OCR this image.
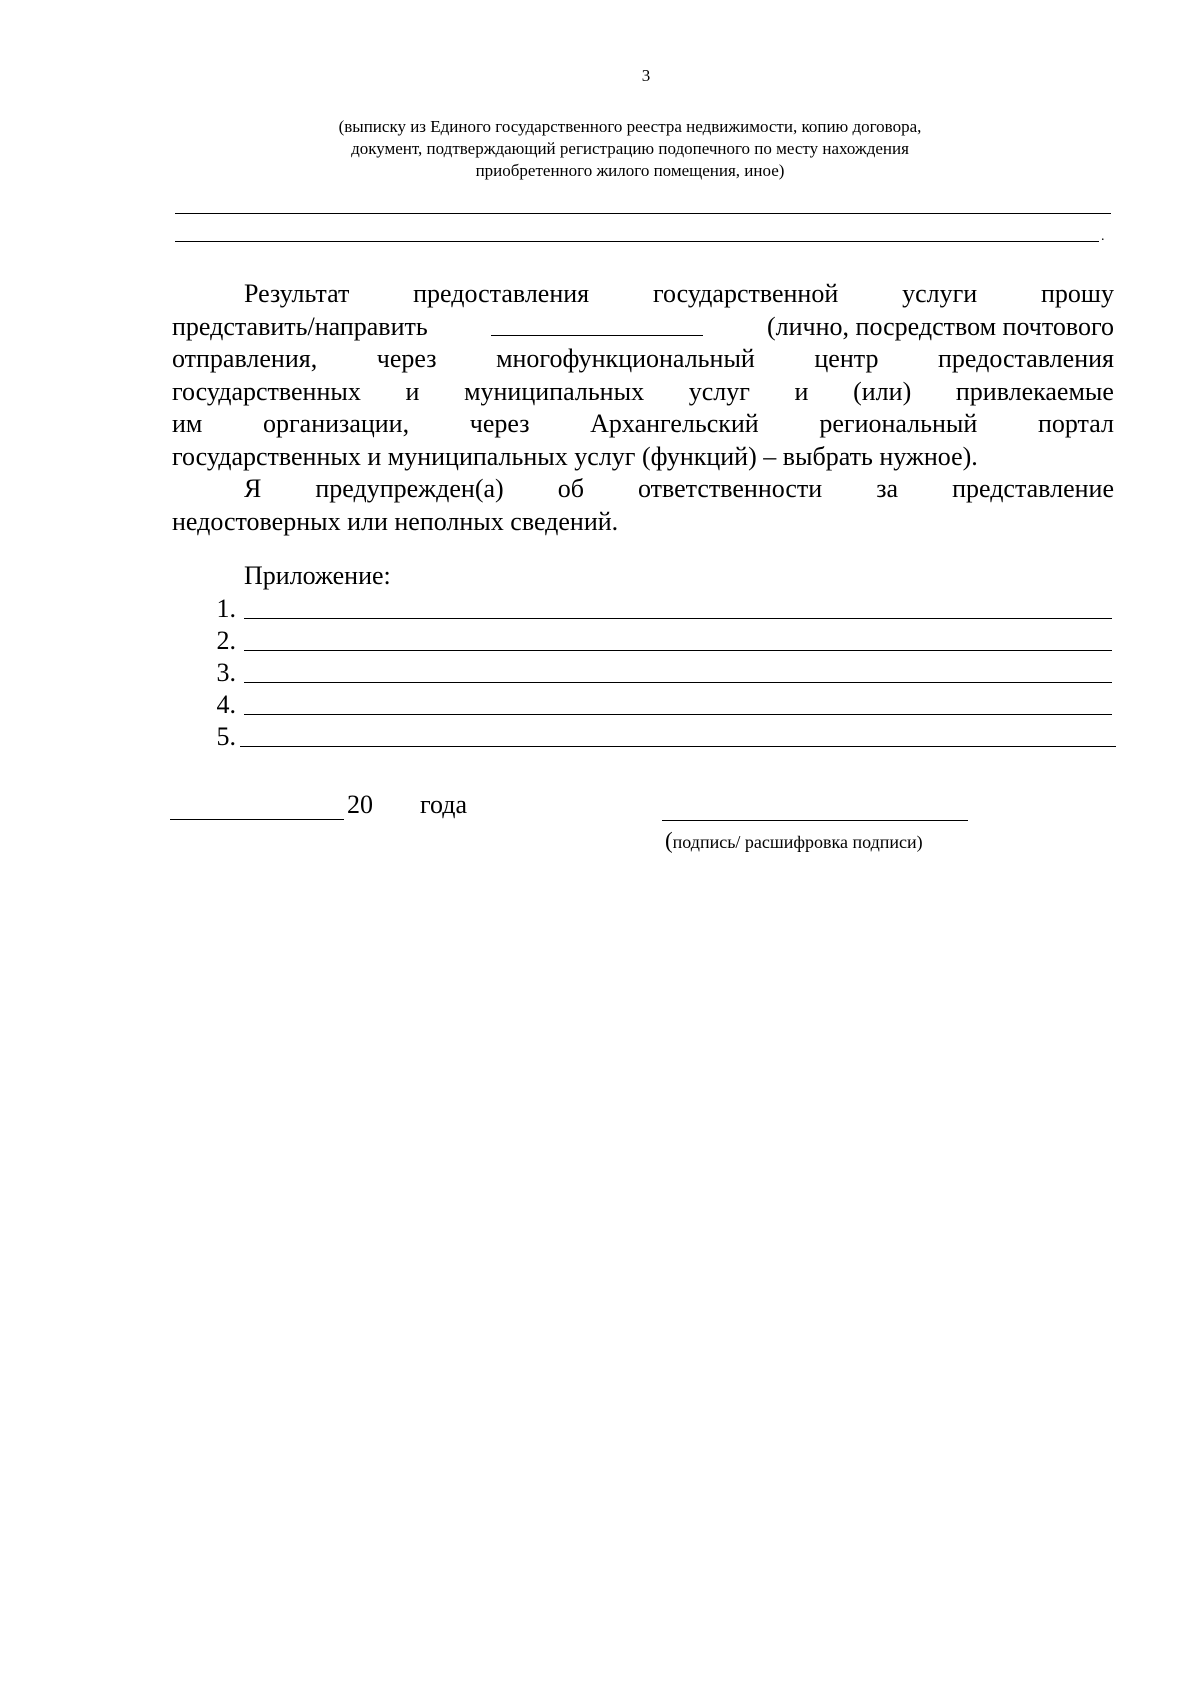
3
(выписку из Единого государственного реестра недвижимости, копию договора,
документ, подтверждающий регистрацию подопечного по месту нахождения
приобретенного жилого помещения, иное)
.
Результат предоставления государственной услуги прошу
представить/направить	(лично, посредством почтового
отправления, через многофункциональный центр предоставления
государственных и муниципальных услуг и (или) привлекаемые
им организации, через Архангельский региональный портал
государственных и муниципальных услуг (функций) – выбрать нужное).
Я предупрежден(а) об ответственности за представление
недостоверных или неполных сведений.
Приложение:
1.
2.
3.
4.
5.
20 года
(подпись/ расшифровка подписи)
